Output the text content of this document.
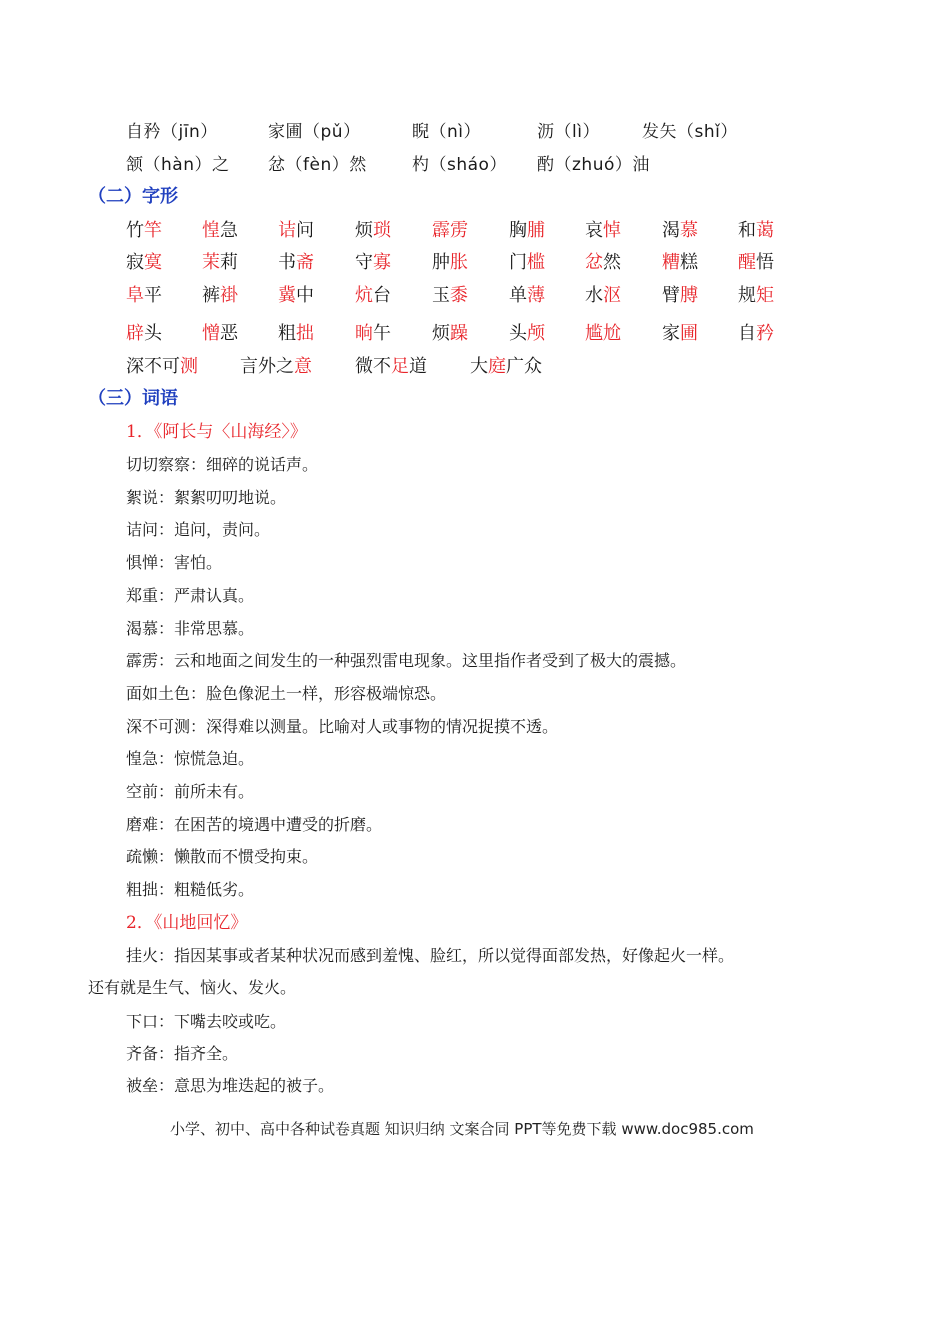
自矜（jīn）	家圃（pǔ）	睨（nì）	沥（lì） 发矢（shǐ）
颔（hàn）之 忿（fèn）然	杓（sháo） 酌（zhuó）油
（二）字形
竹竿 惶急 诘问 烦琐 霹雳 胸脯 哀悼 渴慕 和蔼
寂寞 茉莉 书斋 守寡 肿胀 门槛 忿然 糟糕 醒悟
阜平 裤褂 冀中 炕台 玉黍 单薄 水沤 臂膊 规矩
辟头 憎恶 粗拙 晌午 烦躁 头颅 尴尬 家圃 自矜
深不可测 言外之意 微不足道 大庭广众
（三）词语
1．《阿长与〈山海经〉》
切切察察：细碎的说话声。
絮说：絮絮叨叨地说。
诘问：追问，责问。
惧惮：害怕。
郑重：严肃认真。
渴慕：非常思慕。
霹雳：云和地面之间发生的一种强烈雷电现象。这里指作者受到了极大的震撼。
面如土色：脸色像泥土一样，形容极端惊恐。
深不可测：深得难以测量。比喻对人或事物的情况捉摸不透。
惶急：惊慌急迫。
空前：前所未有。
磨难：在困苦的境遇中遭受的折磨。
疏懒：懒散而不惯受拘束。
粗拙：粗糙低劣。
2．《山地回忆》
挂火：指因某事或者某种状况而感到羞愧、脸红，所以觉得面部发热，好像起火一样。
还有就是生气、恼火、发火。
下口：下嘴去咬或吃。
齐备：指齐全。
被垒：意思为堆迭起的被子。
小学、初中、高中各种试卷真题 知识归纳 文案合同 PPT等免费下载 www.doc985.com
